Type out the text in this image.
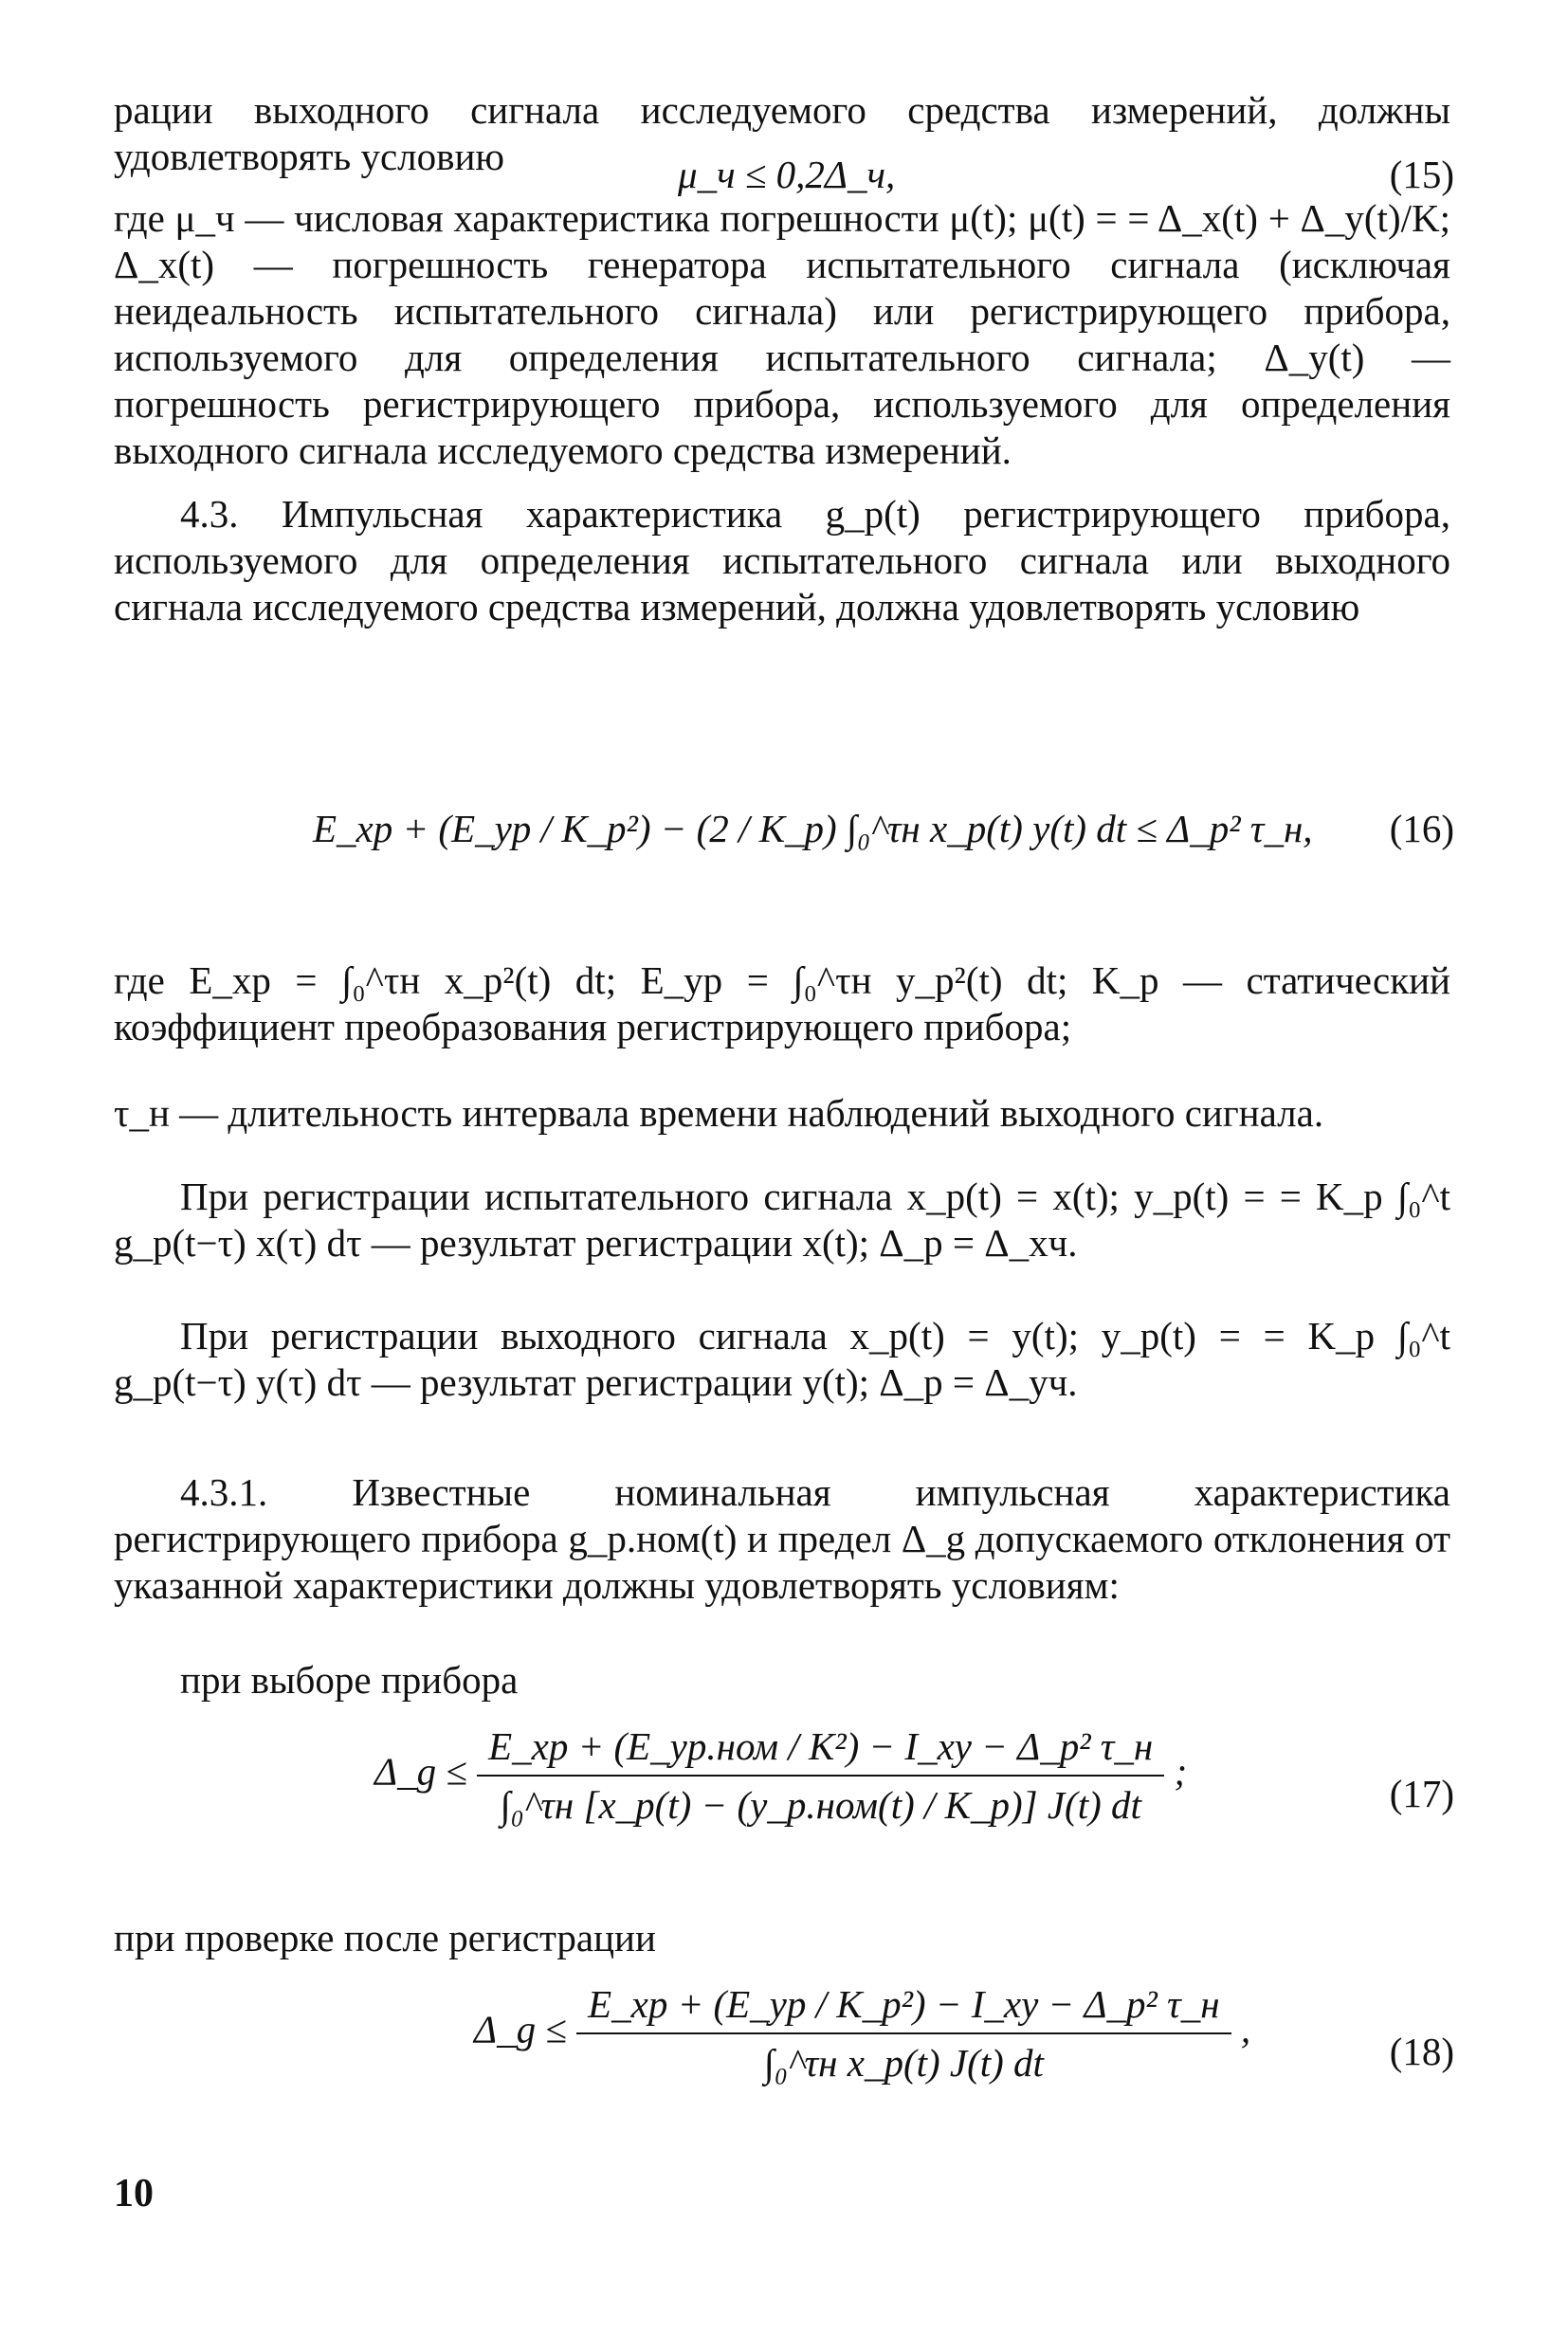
рации выходного сигнала исследуемого средства измерений, должны удовлетворять условию	μ_ч ≤ 0,2Δ_ч,	(15)

где μ_ч — числовая характеристика погрешности μ(t); μ(t) = = Δ_x(t) + Δ_y(t)/K; Δ_x(t) — погрешность генератора испытательного сигнала (исключая неидеальность испытательного сигнала) или регистрирующего прибора, используемого для определения испытательного сигнала; Δ_y(t) — погрешность регистрирующего прибора, используемого для определения выходного сигнала исследуемого средства измерений.

4.3. Импульсная характеристика g_p(t) регистрирующего прибора, используемого для определения испытательного сигнала или выходного сигнала исследуемого средства измерений, должна удовлетворять условию

E_xp + (E_yp / K_p²) − (2 / K_p) ∫₀^τн x_p(t) y(t) dt ≤ Δ_p² τ_н, (16)

где E_xp = ∫₀^τн x_p²(t) dt; E_yp = ∫₀^τн y_p²(t) dt; K_p — статический коэффициент преобразования регистрирующего прибора;

τ_н — длительность интервала времени наблюдений выходного сигнала.

При регистрации испытательного сигнала x_p(t) = x(t); y_p(t) = = K_p ∫₀^t g_p(t−τ) x(τ) dτ — результат регистрации x(t); Δ_p = Δ_xч.

При регистрации выходного сигнала x_p(t) = y(t); y_p(t) = = K_p ∫₀^t g_p(t−τ) y(τ) dτ — результат регистрации y(t); Δ_p = Δ_уч.

4.3.1. Известные номинальная импульсная характеристика регистрирующего прибора g_p.ном(t) и предел Δ_g допускаемого отклонения от указанной характеристики должны удовлетворять условиям:

при выборе прибора

Δ_g ≤ $\frac{\text{E\_xp + (E\_yp.ном / K²) − I\_xy − Δ\_p² τ\_н}}{\text{∫₀\textasciicircum{}τн [x\_p(t) − (y\_p.ном(t) / K\_p)] J(t) dt}}$ ;
(17)

при проверке после регистрации

Δ_g ≤ $\frac{\text{E\_xp + (E\_yp / K\_p²) − I\_xy − Δ\_p² τ\_н}}{\text{∫₀\textasciicircum{}τн x\_p(t) J(t) dt}}$ ,
(18)
10
